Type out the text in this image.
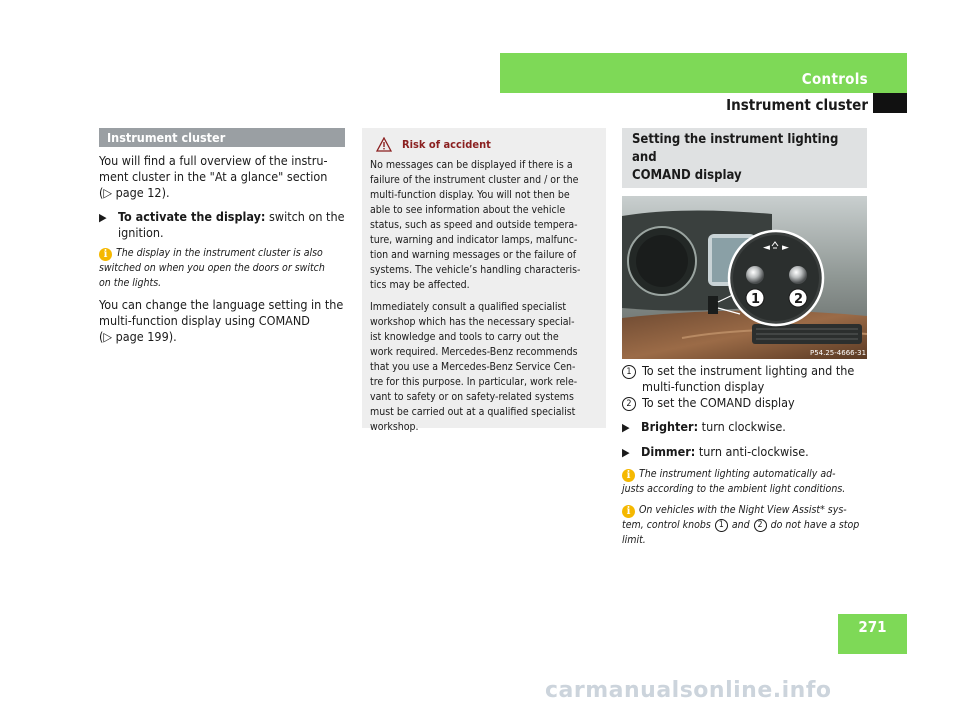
Controls
Instrument cluster
Instrument cluster
You will find a full overview of the instru-
ment cluster in the "At a glance" section
(▷ page 12).
▶ To activate the display: switch on the
ignition.
i The display in the instrument cluster is also
switched on when you open the doors or switch
on the lights.
You can change the language setting in the
multi-function display using COMAND
(▷ page 199).
Risk of accident
No messages can be displayed if there is a
failure of the instrument cluster and / or the
multi-function display. You will not then be
able to see information about the vehicle
status, such as speed and outside tempera-
ture, warning and indicator lamps, malfunc-
tion and warning messages or the failure of
systems. The vehicle’s handling characteris-
tics may be affected.
Immediately consult a qualified specialist
workshop which has the necessary special-
ist knowledge and tools to carry out the
work required. Mercedes-Benz recommends
that you use a Mercedes-Benz Service Cen-
tre for this purpose. In particular, work rele-
vant to safety or on safety-related systems
must be carried out at a qualified specialist
workshop.
Setting the instrument lighting and
COMAND display
◄ ►
1	2
P54.25-4666-31
1 To set the instrument lighting and the
multi-function display
2 To set the COMAND display
▶ Brighter: turn clockwise.
▶ Dimmer: turn anti-clockwise.
i The instrument lighting automatically ad-
justs according to the ambient light conditions.
i On vehicles with the Night View Assist* sys-
tem, control knobs 1 and 2 do not have a stop
limit.
271
carmanualsonline.info
